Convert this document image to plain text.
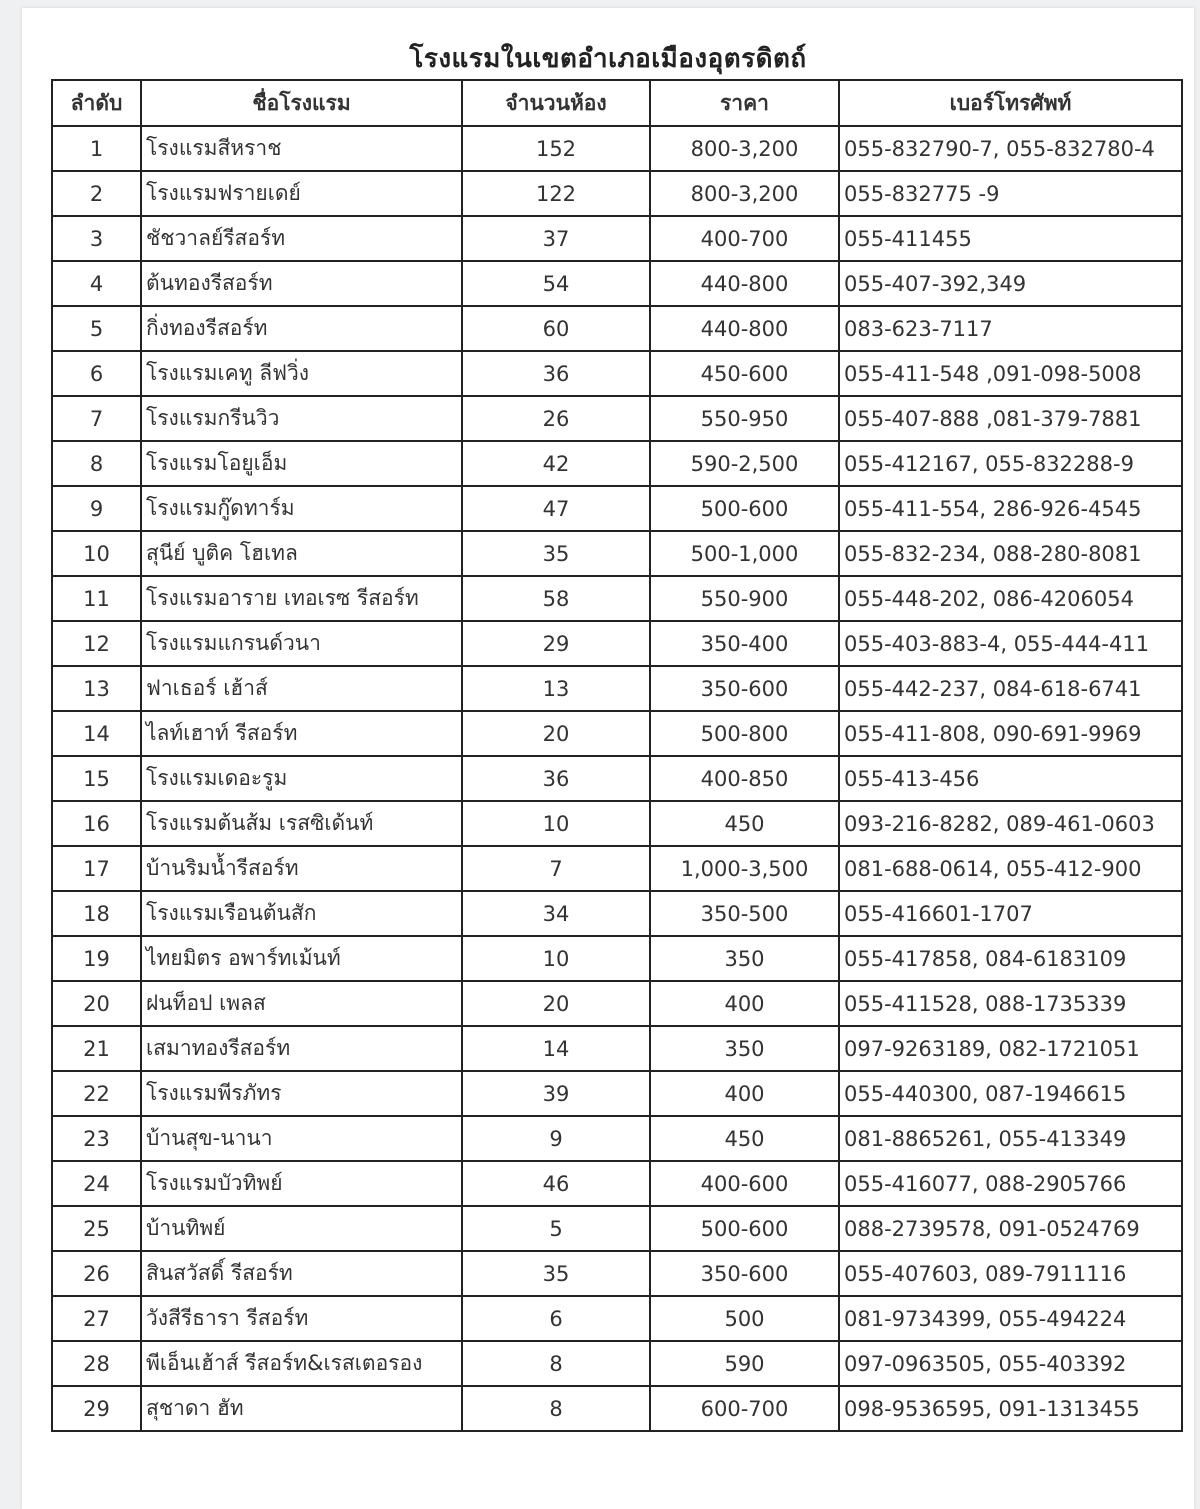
โรงแรมในเขตอำเภอเมืองอุตรดิตถ์
ลำดับ	ชื่อโรงแรม	จำนวนห้อง	ราคา	เบอร์โทรศัพท์
1	โรงแรมสีหราช	152	800-3,200	055-832790-7, 055-832780-4
2	โรงแรมฟรายเดย์	122	800-3,200	055-832775 -9
3	ชัชวาลย์รีสอร์ท	37	400-700	055-411455
4	ต้นทองรีสอร์ท	54	440-800	055-407-392,349
5	กิ่งทองรีสอร์ท	60	440-800	083-623-7117
6	โรงแรมเคทู ลีฟวิ่ง	36	450-600	055-411-548 ,091-098-5008
7	โรงแรมกรีนวิว	26	550-950	055-407-888 ,081-379-7881
8	โรงแรมโอยูเอ็ม	42	590-2,500	055-412167, 055-832288-9
9	โรงแรมกู๊ดทาร์ม	47	500-600	055-411-554, 286-926-4545
10	สุนีย์ บูติค โฮเทล	35	500-1,000	055-832-234, 088-280-8081
11	โรงแรมอาราย เทอเรซ รีสอร์ท	58	550-900	055-448-202, 086-4206054
12	โรงแรมแกรนด์วนา	29	350-400	055-403-883-4, 055-444-411
13	ฟาเธอร์ เฮ้าส์	13	350-600	055-442-237, 084-618-6741
14	ไลท์เฮาท์ รีสอร์ท	20	500-800	055-411-808, 090-691-9969
15	โรงแรมเดอะรูม	36	400-850	055-413-456
16	โรงแรมต้นส้ม เรสซิเด้นท์	10	450	093-216-8282, 089-461-0603
17	บ้านริมน้ำรีสอร์ท	7	1,000-3,500	081-688-0614, 055-412-900
18	โรงแรมเรือนต้นสัก	34	350-500	055-416601-1707
19	ไทยมิตร อพาร์ทเม้นท์	10	350	055-417858, 084-6183109
20	ฝนท็อป เพลส	20	400	055-411528, 088-1735339
21	เสมาทองรีสอร์ท	14	350	097-9263189, 082-1721051
22	โรงแรมพีรภัทร	39	400	055-440300, 087-1946615
23	บ้านสุข-นานา	9	450	081-8865261, 055-413349
24	โรงแรมบัวทิพย์	46	400-600	055-416077, 088-2905766
25	บ้านทิพย์	5	500-600	088-2739578, 091-0524769
26	สินสวัสดิ์ รีสอร์ท	35	350-600	055-407603, 089-7911116
27	วังสีรีธารา รีสอร์ท	6	500	081-9734399, 055-494224
28	พีเอ็นเฮ้าส์ รีสอร์ท&เรสเตอรอง	8	590	097-0963505, 055-403392
29	สุชาดา ฮัท	8	600-700	098-9536595, 091-1313455
